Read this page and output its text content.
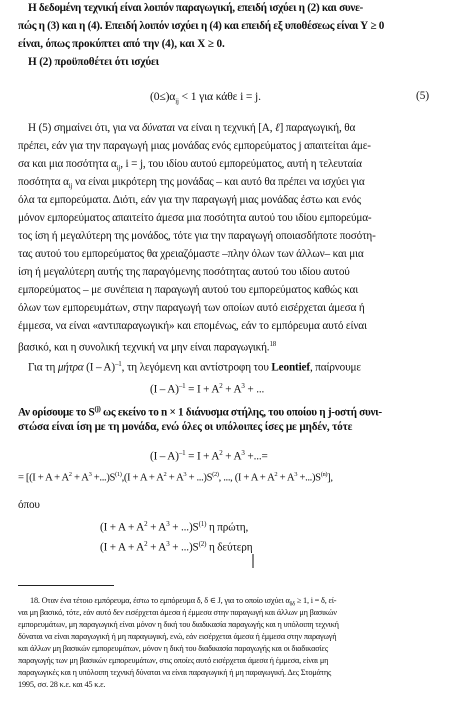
Η δεδομένη τεχνική είναι λοιπόν παραγωγική, επειδή ισχύει η (2) και συνε-
πώς η (3) και η (4). Επειδή λοιπόν ισχύει η (4) και επειδή εξ υποθέσεως είναι Υ ≥ 0
είναι, όπως προκύπτει από την (4), και Χ ≥ 0.
Η (2) προϋποθέτει ότι ισχύει
$(0\le)\alpha_{ij} < 1$ για κάθε i = j.	(5)
Η (5) σημαίνει ότι, για να δύναται να είναι η τεχνική [Α, ℓ] παραγωγική, θα
πρέπει, εάν για την παραγωγή μιας μονάδας ενός εμπορεύματος j απαιτείται άμε-
σα και μια ποσότητα $\alpha_{ij}$, i = j, του ιδίου αυτού εμπορεύματος, αυτή η τελευταία
ποσότητα $\alpha_{ij}$ να είναι μικρότερη της μονάδας – και αυτό θα πρέπει να ισχύει για
όλα τα εμπορεύματα. Διότι, εάν για την παραγωγή μιας μονάδας έστω και ενός
μόνον εμπορεύματος απαιτείτο άμεσα μια ποσότητα αυτού του ιδίου εμπορεύμα-
τος ίση ή μεγαλύτερη της μονάδος, τότε για την παραγωγή οποιασδήποτε ποσότη-
τας αυτού του εμπορεύματος θα χρειαζόμαστε –πλην όλων των άλλων– και μια
ίση ή μεγαλύτερη αυτής της παραγόμενης ποσότητας αυτού του ιδίου αυτού
εμπορεύματος – με συνέπεια η παραγωγή αυτού του εμπορεύματος καθώς και
όλων των εμπορευμάτων, στην παραγωγή των οποίων αυτό εισέρχεται άμεσα ή
έμμεσα, να είναι «αντιπαραγωγική» και επομένως, εάν το εμπόρευμα αυτό είναι
βασικό, και η συνολική τεχνική να μην είναι παραγωγική.$^{18}$
Για τη μήτρα (Ι – Α)$^{-1}$, τη λεγόμενη και αντίστροφη του Leontief, παίρνουμε
$(I - A)^{-1} = I + A^2 + A^3$ + ...
Αν ορίσουμε το $S^{(j)}$ ως εκείνο το n × 1 διάνυσμα στήλης, του οποίου η j-οστή συνι-
στώσα είναι ίση με τη μονάδα, ενώ όλες οι υπόλοιπες ίσες με μηδέν, τότε
$(I - A)^{-1} = I + A^2 + A^3$ +...=
= [$(I + A + A^2 + A^3 +...)S^{(1)},(I + A + A^2 + A^3 + ...)S^{(2)}$, ..., $(I + A + A^2 + A^3 +...)S^{(n)}$],
όπου
$(I + A + A^2 + A^3 + ...)S^{(1)}$ η πρώτη,
$(I + A + A^2 + A^3 + ...)S^{(2)}$ η δεύτερη
18. Οταν ένα τέτοιο εμπόρευμα, έστω το εμπόρευμα δ, δ ∈ J, για το οποίο ισχύει $\alpha_{\delta\delta} \ge 1$, i = δ, εί-
ναι μη βασικό, τότε, εάν αυτό δεν εισέρχεται άμεσα ή έμμεσα στην παραγωγή και άλλων μη βασικών
εμπορευμάτων, μη παραγωγική είναι μόνον η δική του διαδικασία παραγωγής και η υπόλοιπη τεχνική
δύναται να είναι παραγωγική ή μη παραγωγική, ενώ, εάν εισέρχεται άμεσα ή έμμεσα στην παραγωγή
και άλλων μη βασικών εμπορευμάτων, μόνον η δική του διαδικασία παραγωγής και οι διαδικασίες
παραγωγής των μη βασικών εμπορευμάτων, στις οποίες αυτό εισέρχεται άμεσα ή έμμεσα, είναι μη
παραγωγικές και η υπόλοιπη τεχνική δύναται να είναι παραγωγική ή μη παραγωγική. Δες Στομάτης
1995, σσ. 28 κ.ε. και 45 κ.ε.
